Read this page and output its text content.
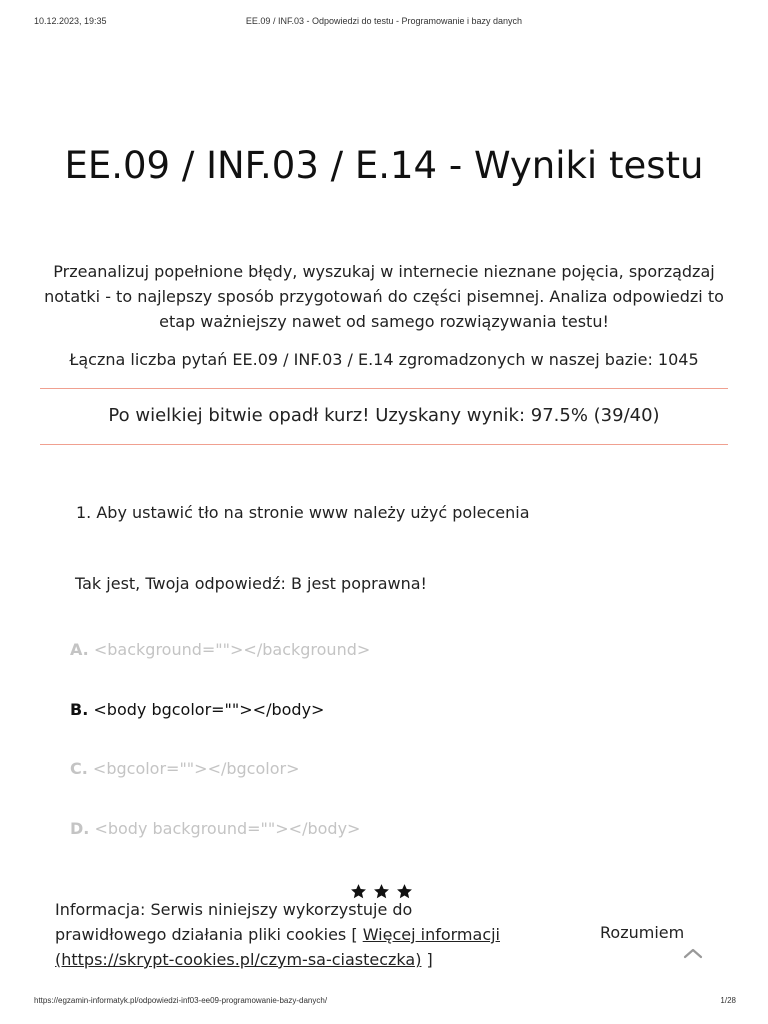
10.12.2023, 19:35	EE.09 / INF.03 - Odpowiedzi do testu - Programowanie i bazy danych
EE.09 / INF.03 / E.14 - Wyniki testu
Przeanalizuj popełnione błędy, wyszukaj w internecie nieznane pojęcia, sporządzaj notatki - to najlepszy sposób przygotowań do części pisemnej. Analiza odpowiedzi to etap ważniejszy nawet od samego rozwiązywania testu!
Łączna liczba pytań EE.09 / INF.03 / E.14 zgromadzonych w naszej bazie: 1045
Po wielkiej bitwie opadł kurz! Uzyskany wynik: 97.5% (39/40)
1. Aby ustawić tło na stronie www należy użyć polecenia
Tak jest, Twoja odpowiedź: B jest poprawna!
A. <background=""></background>
B. <body bgcolor=""></body>
C. <bgcolor=""></bgcolor>
D. <body background=""></body>
Informacja: Serwis niniejszy wykorzystuje do prawidłowego działania pliki cookies [ Więcej informacji (https://skrypt-cookies.pl/czym-sa-ciasteczka) ]
Rozumiem
https://egzamin-informatyk.pl/odpowiedzi-inf03-ee09-programowanie-bazy-danych/	1/28
